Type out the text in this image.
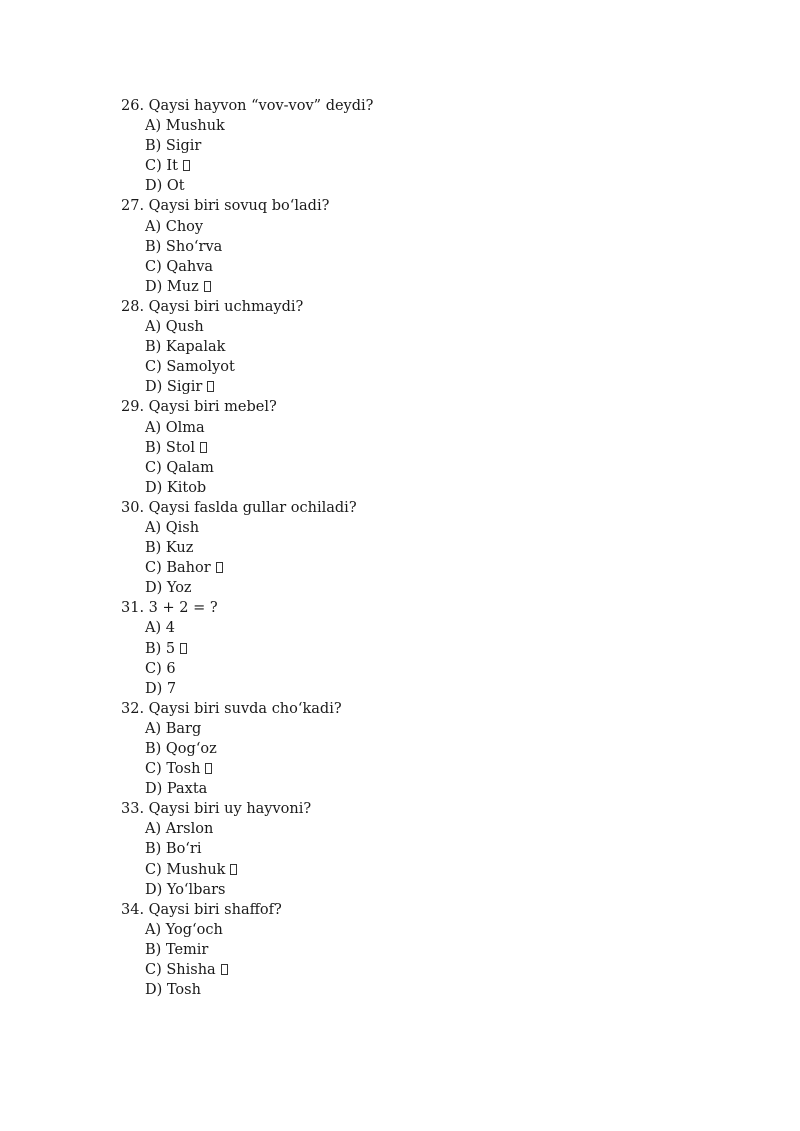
26. Qaysi hayvon “vov-vov” deydi?
A) Mushuk
B) Sigir
C) It
D) Ot
27. Qaysi biri sovuq bo‘ladi?
A) Choy
B) Sho‘rva
C) Qahva
D) Muz
28. Qaysi biri uchmaydi?
A) Qush
B) Kapalak
C) Samolyot
D) Sigir
29. Qaysi biri mebel?
A) Olma
B) Stol
C) Qalam
D) Kitob
30. Qaysi faslda gullar ochiladi?
A) Qish
B) Kuz
C) Bahor
D) Yoz
31. 3 + 2 = ?
A) 4
B) 5
C) 6
D) 7
32. Qaysi biri suvda cho‘kadi?
A) Barg
B) Qog‘oz
C) Tosh
D) Paxta
33. Qaysi biri uy hayvoni?
A) Arslon
B) Bo‘ri
C) Mushuk
D) Yo‘lbars
34. Qaysi biri shaffof?
A) Yog‘och
B) Temir
C) Shisha
D) Tosh
